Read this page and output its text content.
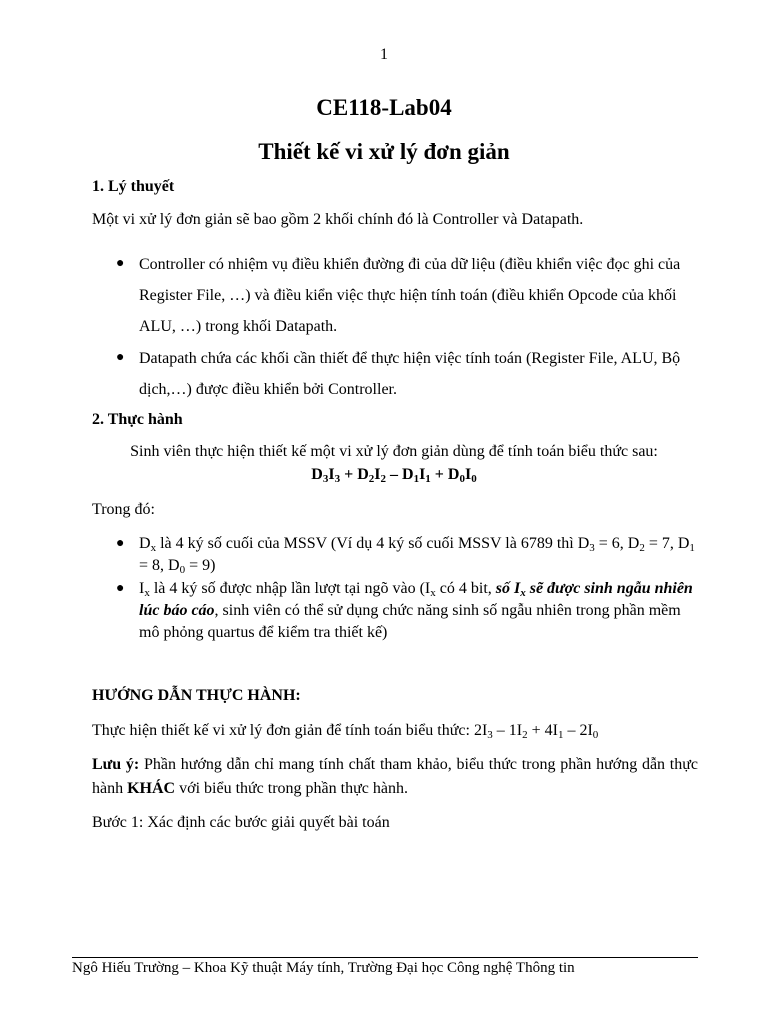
1
CE118-Lab04
Thiết kế vi xử lý đơn giản
1. Lý thuyết
Một vi xử lý đơn giản sẽ bao gồm 2 khối chính đó là Controller và Datapath.
● Controller có nhiệm vụ điều khiển đường đi của dữ liệu (điều khiển việc đọc ghi của Register File, …) và điều kiển việc thực hiện tính toán (điều khiển Opcode của khối ALU, …) trong khối Datapath.
● Datapath chứa các khối cần thiết để thực hiện việc tính toán (Register File, ALU, Bộ dịch,…) được điều khiển bởi Controller.
2. Thực hành
Sinh viên thực hiện thiết kế một vi xử lý đơn giản dùng để tính toán biểu thức sau:
$D_3I_3 + D_2I_2 - D_1I_1 + D_0I_0$
Trong đó:
● $D_x$ là 4 ký số cuối của MSSV (Ví dụ 4 ký số cuối MSSV là 6789 thì $D_3 = 6$, $D_2 = 7$, $D_1 = 8$, $D_0 = 9$)
● $I_x$ là 4 ký số được nhập lần lượt tại ngõ vào ($I_x$ có 4 bit, số $I_x$ sẽ được sinh ngẫu nhiên lúc báo cáo, sinh viên có thể sử dụng chức năng sinh số ngẫu nhiên trong phần mềm mô phỏng quartus để kiểm tra thiết kế)
HƯỚNG DẪN THỰC HÀNH:
Thực hiện thiết kế vi xử lý đơn giản để tính toán biểu thức: $2I_3 - 1I_2 + 4I_1 - 2I_0$
Lưu ý: Phần hướng dẫn chỉ mang tính chất tham khảo, biểu thức trong phần hướng dẫn thực hành KHÁC với biểu thức trong phần thực hành.
Bước 1: Xác định các bước giải quyết bài toán
Ngô Hiếu Trường – Khoa Kỹ thuật Máy tính, Trường Đại học Công nghệ Thông tin
